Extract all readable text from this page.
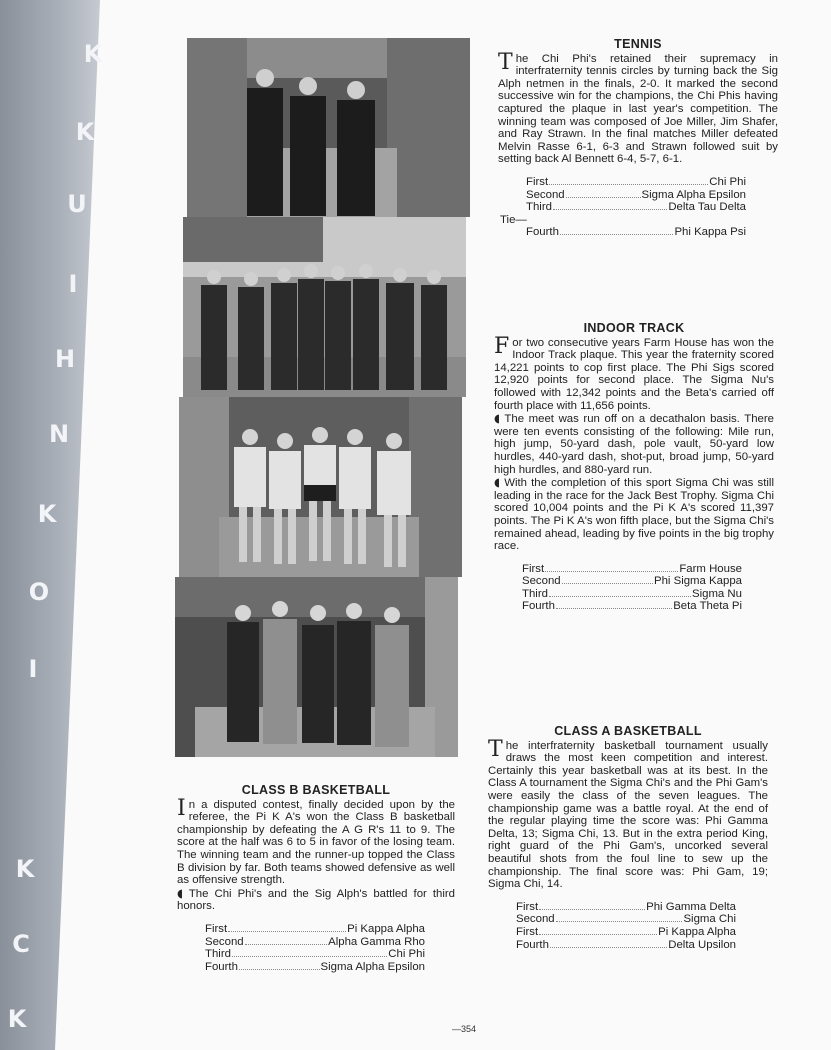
K
K
U
I
H
N
K
O
I
K
C
K
TENNIS

The Chi Phi's retained their supremacy in interfraternity tennis circles by turning back the Sig Alph netmen in the finals, 2-0. It marked the second successive win for the champions, the Chi Phis having captured the plaque in last year's competition. The winning team was composed of Joe Miller, Jim Shafer, and Ray Strawn. In the final matches Miller defeated Melvin Rasse 6-1, 6-3 and Strawn followed suit by setting back Al Bennett 6-4, 5-7, 6-1.

First	Chi Phi
Second	Sigma Alpha Epsilon
Third	Delta Tau Delta
Tie—
Fourth	Phi Kappa Psi
INDOOR TRACK

For two consecutive years Farm House has won the Indoor Track plaque. This year the fraternity scored 14,221 points to cop first place. The Phi Sigs scored 12,920 points for second place. The Sigma Nu's followed with 12,342 points and the Beta's carried off fourth place with 11,656 points.

◖ The meet was run off on a decathalon basis. There were ten events consisting of the following: Mile run, high jump, 50-yard dash, pole vault, 50-yard low hurdles, 440-yard dash, shot-put, broad jump, 50-yard high hurdles, and 880-yard run.

◖ With the completion of this sport Sigma Chi was still leading in the race for the Jack Best Trophy. Sigma Chi scored 10,004 points and the Pi K A's scored 11,397 points. The Pi K A's won fifth place, but the Sigma Chi's remained ahead, leading by five points in the big trophy race.

First	Farm House
Second	Phi Sigma Kappa
Third	Sigma Nu
Fourth	Beta Theta Pi
CLASS A BASKETBALL

The interfraternity basketball tournament usually draws the most keen competition and interest. Certainly this year basketball was at its best. In the Class A tournament the Sigma Chi's and the Phi Gam's were easily the class of the seven leagues. The championship game was a battle royal. At the end of the regular playing time the score was: Phi Gamma Delta, 13; Sigma Chi, 13. But in the extra period King, right guard of the Phi Gam's, uncorked several beautiful shots from the foul line to sew up the championship. The final score was: Phi Gam, 19; Sigma Chi, 14.

First	Phi Gamma Delta
Second	Sigma Chi
First	Pi Kappa Alpha
Fourth	Delta Upsilon
CLASS B BASKETBALL

In a disputed contest, finally decided upon by the referee, the Pi K A's won the Class B basketball championship by defeating the A G R's 11 to 9. The score at the half was 6 to 5 in favor of the losing team. The winning team and the runner-up topped the Class B division by far. Both teams showed defensive as well as offensive strength.

◖ The Chi Phi's and the Sig Alph's battled for third honors.

First	Pi Kappa Alpha
Second	Alpha Gamma Rho
Third	Chi Phi
Fourth	Sigma Alpha Epsilon
—354
